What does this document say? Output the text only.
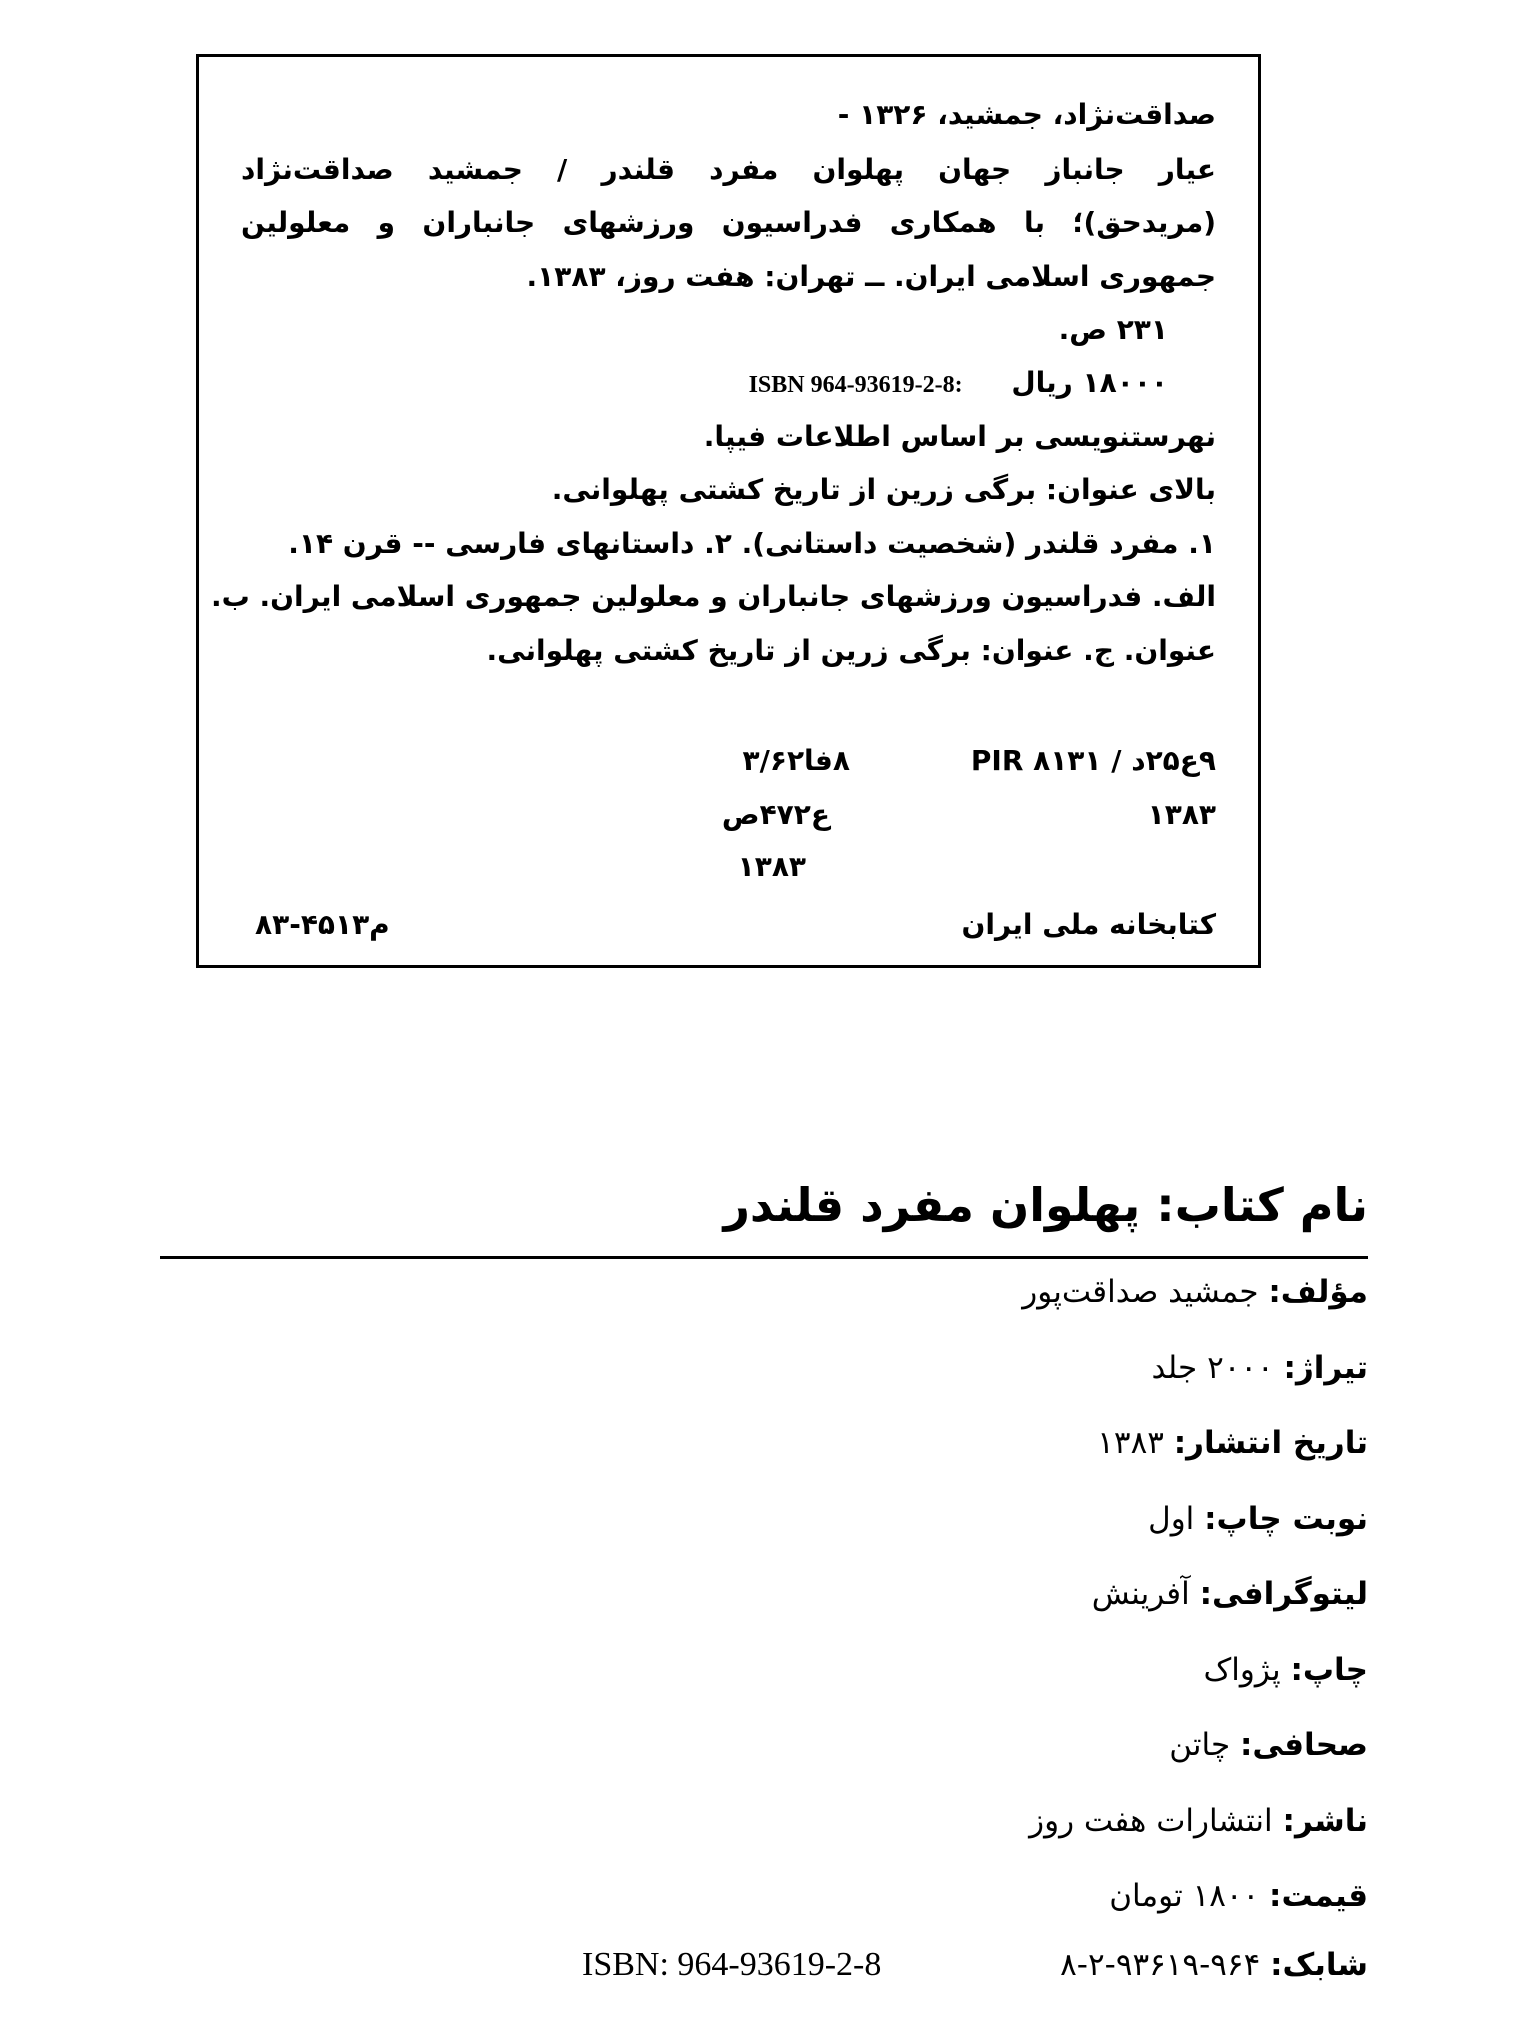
صداقت‌نژاد، جمشید، ۱۳۲۶ -
عیار جانباز جهان پهلوان مفرد قلندر / جمشید صداقت‌نژاد
(مریدحق)؛ با همکاری فدراسیون ورزشهای جانباران و معلولین
جمهوری اسلامی ایران. ــ تهران: هفت روز، ۱۳۸۳.
۲۳۱ ص.
۱۸۰۰۰ ریال     ISBN 964-93619-2-8:
نهرستنویسی بر اساس اطلاعات فیپا.
بالای عنوان: برگی زرین از تاریخ کشتی پهلوانی.
۱. مفرد قلندر (شخصیت داستانی). ۲. داستانهای فارسی -- قرن ۱۴.
الف. فدراسیون ورزشهای جانباران و معلولین جمهوری اسلامی ایران. ب.
عنوان. ج. عنوان: برگی زرین از تاریخ کشتی پهلوانی.
۹ع۲۵د / PIR ۸۱۳۱
۱۳۸۳
۸فا۳/۶۲
ع۴۷۲ص
۱۳۸۳
کتابخانه ملی ایران
م۴۵۱۳-۸۳
نام کتاب: پهلوان مفرد قلندر
مؤلف: جمشید صداقت‌پور
تیراژ: ۲۰۰۰ جلد
تاریخ انتشار: ۱۳۸۳
نوبت چاپ: اول
لیتوگرافی: آفرینش
چاپ: پژواک
صحافی: چاتن
ناشر: انتشارات هفت روز
قیمت: ۱۸۰۰ تومان
شابک: ۹۶۴-۹۳۶۱۹-۲-۸
ISBN: 964-93619-2-8
